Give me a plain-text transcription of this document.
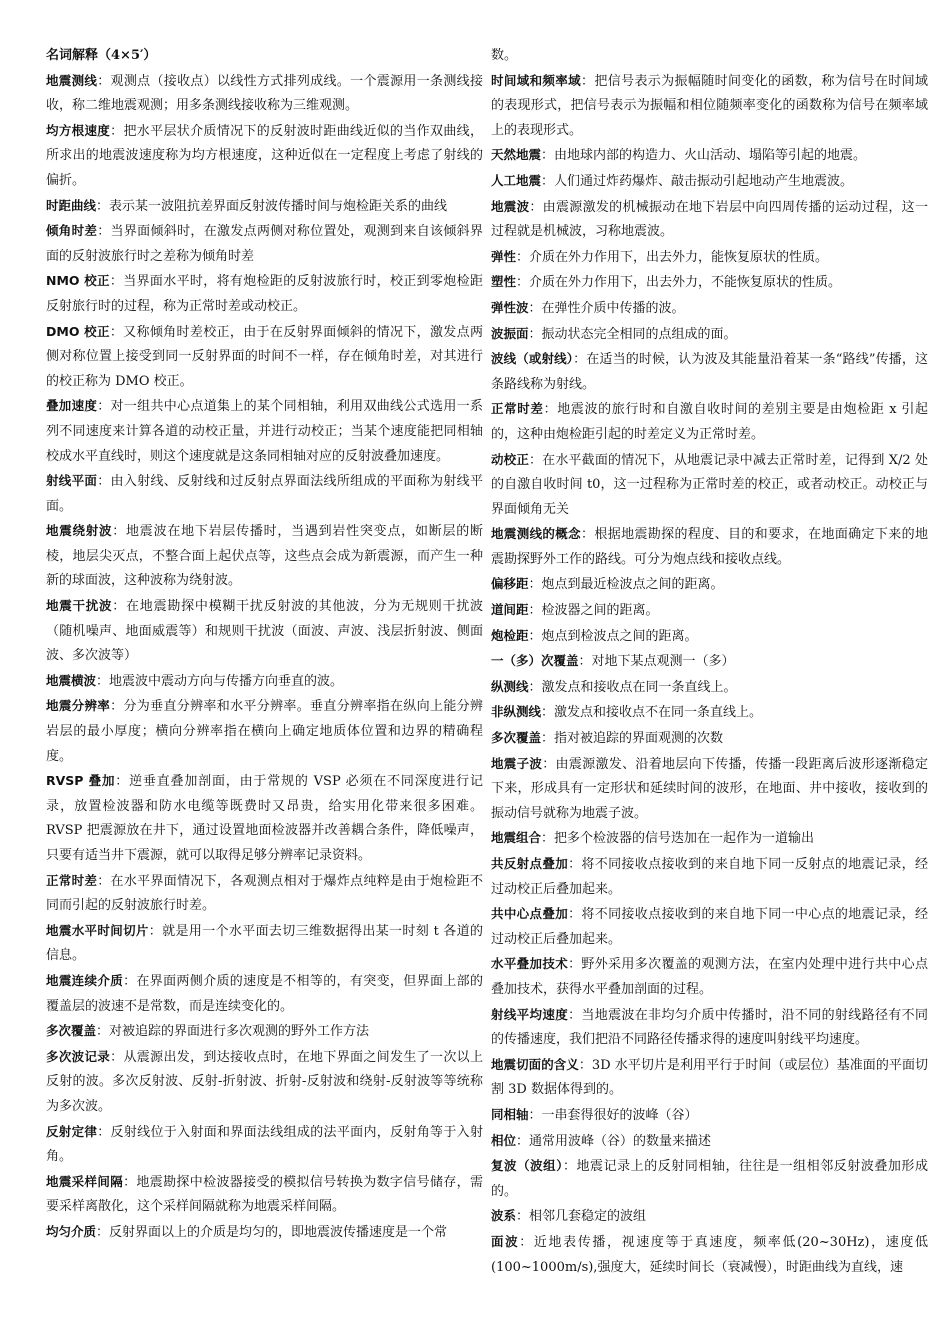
名词解释（4×5′）

地震测线：观测点（接收点）以线性方式排列成线。一个震源用一条测线接收，称二维地震观测；用多条测线接收称为三维观测。

均方根速度：把水平层状介质情况下的反射波时距曲线近似的当作双曲线，所求出的地震波速度称为均方根速度，这种近似在一定程度上考虑了射线的偏折。

时距曲线：表示某一波阻抗差界面反射波传播时间与炮检距关系的曲线

倾角时差：当界面倾斜时，在激发点两侧对称位置处，观测到来自该倾斜界面的反射波旅行时之差称为倾角时差

NMO 校正：当界面水平时，将有炮检距的反射波旅行时，校正到零炮检距反射旅行时的过程，称为正常时差或动校正。

DMO 校正：又称倾角时差校正，由于在反射界面倾斜的情况下，激发点两侧对称位置上接受到同一反射界面的时间不一样，存在倾角时差，对其进行的校正称为 DMO 校正。

叠加速度：对一组共中心点道集上的某个同相轴，利用双曲线公式选用一系列不同速度来计算各道的动校正量，并进行动校正；当某个速度能把同相轴校成水平直线时，则这个速度就是这条同相轴对应的反射波叠加速度。

射线平面：由入射线、反射线和过反射点界面法线所组成的平面称为射线平面。

地震绕射波：地震波在地下岩层传播时，当遇到岩性突变点，如断层的断棱，地层尖灭点，不整合面上起伏点等，这些点会成为新震源，而产生一种新的球面波，这种波称为绕射波。

地震干扰波：在地震勘探中模糊干扰反射波的其他波，分为无规则干扰波（随机噪声、地面威震等）和规则干扰波（面波、声波、浅层折射波、侧面波、多次波等）

地震横波：地震波中震动方向与传播方向垂直的波。

地震分辨率：分为垂直分辨率和水平分辨率。垂直分辨率指在纵向上能分辨岩层的最小厚度；横向分辨率指在横向上确定地质体位置和边界的精确程度。

RVSP 叠加：逆垂直叠加剖面，由于常规的 VSP 必须在不同深度进行记录，放置检波器和防水电缆等既费时又昂贵，给实用化带来很多困难。RVSP 把震源放在井下，通过设置地面检波器并改善耦合条件，降低噪声，只要有适当井下震源，就可以取得足够分辨率记录资料。

正常时差：在水平界面情况下，各观测点相对于爆炸点纯粹是由于炮检距不同而引起的反射波旅行时差。

地震水平时间切片：就是用一个水平面去切三维数据得出某一时刻 t 各道的信息。

地震连续介质：在界面两侧介质的速度是不相等的，有突变，但界面上部的覆盖层的波速不是常数，而是连续变化的。

多次覆盖：对被追踪的界面进行多次观测的野外工作方法

多次波记录：从震源出发，到达接收点时，在地下界面之间发生了一次以上反射的波。多次反射波、反射-折射波、折射-反射波和绕射-反射波等等统称为多次波。

反射定律：反射线位于入射面和界面法线组成的法平面内，反射角等于入射角。

地震采样间隔：地震勘探中检波器接受的模拟信号转换为数字信号储存，需要采样离散化，这个采样间隔就称为地震采样间隔。

均匀介质：反射界面以上的介质是均匀的，即地震波传播速度是一个常

数。

时间域和频率域：把信号表示为振幅随时间变化的函数，称为信号在时间域的表现形式，把信号表示为振幅和相位随频率变化的函数称为信号在频率域上的表现形式。

天然地震：由地球内部的构造力、火山活动、塌陷等引起的地震。

人工地震：人们通过炸药爆炸、敲击振动引起地动产生地震波。

地震波：由震源激发的机械振动在地下岩层中向四周传播的运动过程，这一过程就是机械波，习称地震波。

弹性：介质在外力作用下，出去外力，能恢复原状的性质。

塑性：介质在外力作用下，出去外力，不能恢复原状的性质。

弹性波：在弹性介质中传播的波。

波振面：振动状态完全相同的点组成的面。

波线（或射线）：在适当的时候，认为波及其能量沿着某一条“路线”传播，这条路线称为射线。

正常时差：地震波的旅行时和自激自收时间的差别主要是由炮检距 x 引起的，这种由炮检距引起的时差定义为正常时差。

动校正：在水平截面的情况下，从地震记录中减去正常时差，记得到 X/2 处的自激自收时间 t0，这一过程称为正常时差的校正，或者动校正。动校正与界面倾角无关

地震测线的概念：根据地震勘探的程度、目的和要求，在地面确定下来的地震勘探野外工作的路线。可分为炮点线和接收点线。

偏移距：炮点到最近检波点之间的距离。

道间距：检波器之间的距离。

炮检距：炮点到检波点之间的距离。

一（多）次覆盖：对地下某点观测一（多）

纵测线：激发点和接收点在同一条直线上。

非纵测线：激发点和接收点不在同一条直线上。

多次覆盖：指对被追踪的界面观测的次数

地震子波：由震源激发、沿着地层向下传播，传播一段距离后波形逐渐稳定下来，形成具有一定形状和延续时间的波形，在地面、井中接收，接收到的振动信号就称为地震子波。

地震组合：把多个检波器的信号迭加在一起作为一道输出

共反射点叠加：将不同接收点接收到的来自地下同一反射点的地震记录，经过动校正后叠加起来。

共中心点叠加：将不同接收点接收到的来自地下同一中心点的地震记录，经过动校正后叠加起来。

水平叠加技术：野外采用多次覆盖的观测方法，在室内处理中进行共中心点叠加技术，获得水平叠加剖面的过程。

射线平均速度：当地震波在非均匀介质中传播时，沿不同的射线路径有不同的传播速度，我们把沿不同路径传播求得的速度叫射线平均速度。

地震切面的含义：3D 水平切片是利用平行于时间（或层位）基准面的平面切割 3D 数据体得到的。

同相轴：一串套得很好的波峰（谷）

相位：通常用波峰（谷）的数量来描述

复波（波组）：地震记录上的反射同相轴，往往是一组相邻反射波叠加形成的。

波系：相邻几套稳定的波组

面波：近地表传播，视速度等于真速度，频率低(20~30Hz)，速度低(100~1000m/s),强度大，延续时间长（衰减慢），时距曲线为直线，速
